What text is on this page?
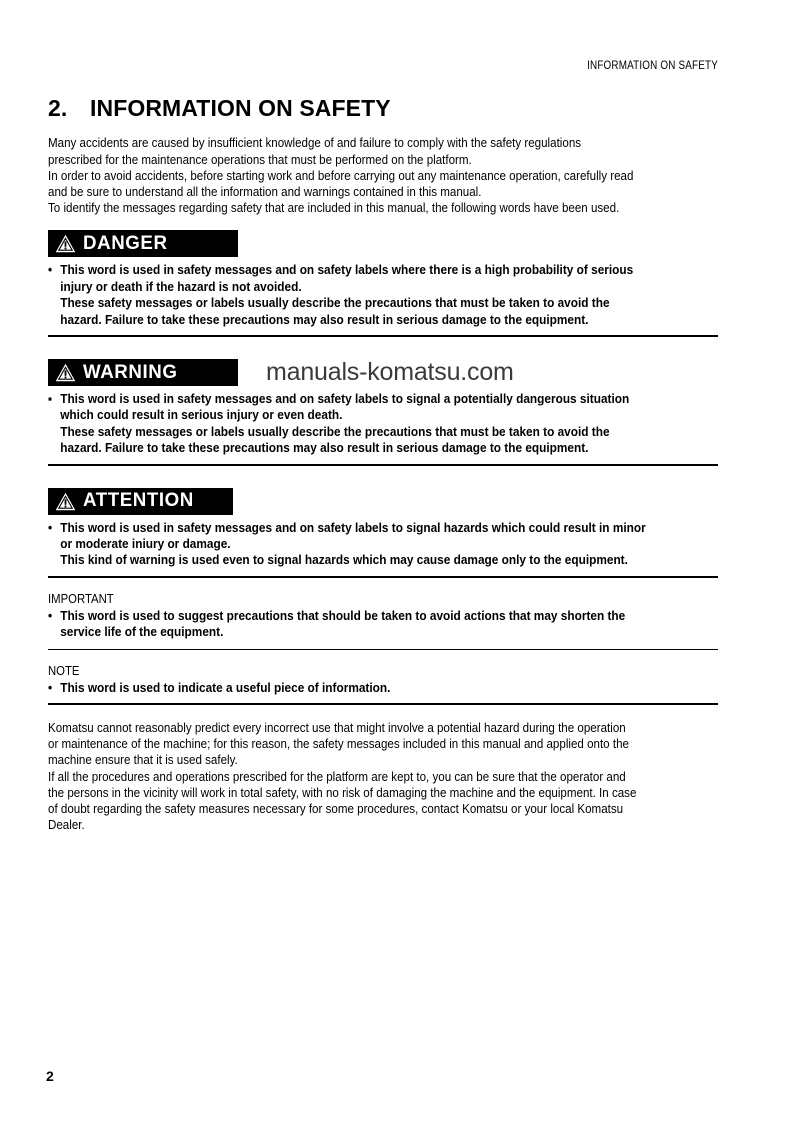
INFORMATION ON SAFETY
2. INFORMATION ON SAFETY

Many accidents are caused by insufficient knowledge of and failure to comply with the safety regulations

prescribed for the maintenance operations that must be performed on the platform.

In order to avoid accidents, before starting work and before carrying out any maintenance operation, carefully read

and be sure to understand all the information and warnings contained in this manual.

To identify the messages regarding safety that are included in this manual, the following words have been used.

DANGER
• This word is used in safety messages and on safety labels where there is a high probability of serious
injury or death if the hazard is not avoided.
These safety messages or labels usually describe the precautions that must be taken to avoid the
hazard. Failure to take these precautions may also result in serious damage to the equipment.
WARNING	manuals-komatsu.com
▪ This word is used in safety messages and on safety labels to signal a potentially dangerous situation
which could result in serious injury or even death.
These safety messages or labels usually describe the precautions that must be taken to avoid the
hazard. Failure to take these precautions may also result in serious damage to the equipment.
ATTENTION
• This word is used in safety messages and on safety labels to signal hazards which could result in minor
or moderate iniury or damage.
This kind of warning is used even to signal hazards which may cause damage only to the equipment.
IMPORTANT
• This word is used to suggest precautions that should be taken to avoid actions that may shorten the
service life of the equipment.
NOTE
• This word is used to indicate a useful piece of information.

Komatsu cannot reasonably predict every incorrect use that might involve a potential hazard during the operation

or maintenance of the machine; for this reason, the safety messages included in this manual and applied onto the

machine ensure that it is used safely.

If all the procedures and operations prescribed for the platform are kept to, you can be sure that the operator and

the persons in the vicinity will work in total safety, with no risk of damaging the machine and the equipment. In case

of doubt regarding the safety measures necessary for some procedures, contact Komatsu or your local Komatsu

Dealer.

2
